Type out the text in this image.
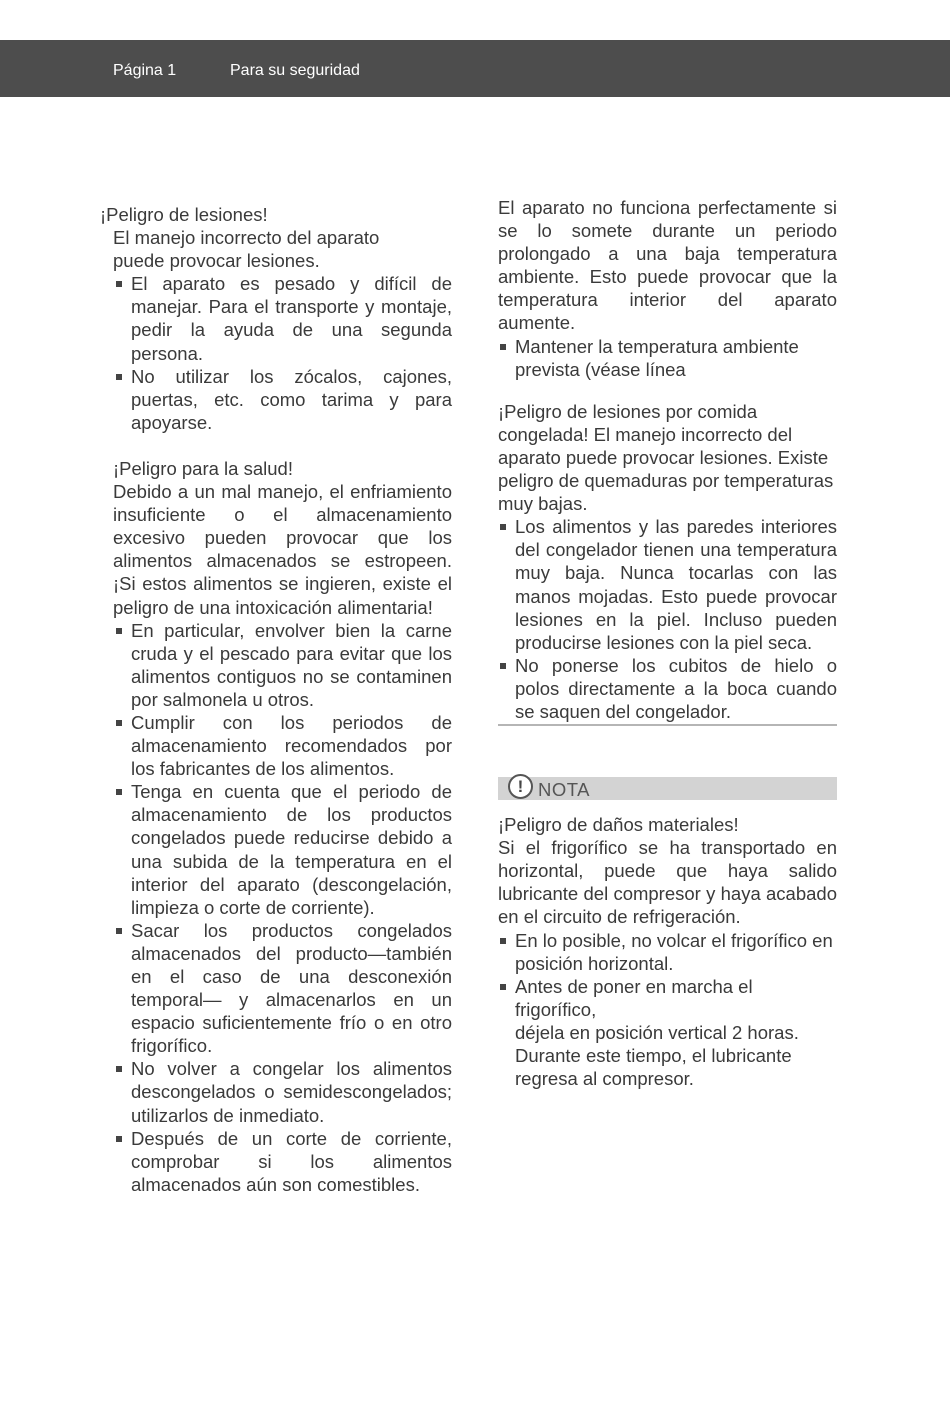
Página 1	Para su seguridad

¡Peligro de lesiones!

El manejo incorrecto del aparato

puede provocar lesiones.

El aparato es pesado y difícil de manejar. Para el transporte y montaje, pedir la ayuda de una segunda persona.
No utilizar los zócalos, cajones, puertas, etc. como tarima y para apoyarse.

¡Peligro para la salud!

Debido a un mal manejo, el enfriamiento insuficiente o el almacenamiento excesivo pueden provocar que los alimentos almacenados se estropeen. ¡Si estos alimentos se ingieren, existe el peligro de una intoxicación alimentaria!

En particular, envolver bien la carne cruda y el pescado para evitar que los alimentos contiguos no se contaminen por salmonela u otros.
Cumplir con los periodos de almacenamiento recomendados por los fabricantes de los alimentos.
Tenga en cuenta que el periodo de almacenamiento de los productos congelados puede reducirse debido a una subida de la temperatura en el interior del aparato (descongelación, limpieza o corte de corriente).
Sacar los productos congelados almacenados del producto—también en el caso de una desconexión temporal— y almacenarlos en un espacio suficientemente frío o en otro frigorífico.
No volver a congelar los alimentos descongelados o semidescongelados; utilizarlos de inmediato.
Después de un corte de corriente, comprobar si los alimentos almacenados aún son comestibles.

El aparato no funciona perfectamente si se lo somete durante un periodo prolongado a una baja temperatura ambiente. Esto puede provocar que la temperatura interior del aparato aumente.

Mantener la temperatura ambiente prevista (véase línea

¡Peligro de lesiones por comida congelada! El manejo incorrecto del aparato puede provocar lesiones. Existe peligro de quemaduras por temperaturas muy bajas.

Los alimentos y las paredes interiores del congelador tienen una temperatura muy baja. Nunca tocarlas con las manos mojadas. Esto puede provocar lesiones en la piel. Incluso pueden producirse lesiones con la piel seca.
No ponerse los cubitos de hielo o polos directamente a la boca cuando se saquen del congelador.
! NOTA

¡Peligro de daños materiales!

Si el frigorífico se ha transportado en horizontal, puede que haya salido lubricante del compresor y haya acabado en el circuito de refrigeración.

En lo posible, no volcar el frigorífico en posición horizontal.
Antes de poner en marcha el frigorífico,
déjela en posición vertical 2 horas. Durante este tiempo, el lubricante regresa al compresor.
